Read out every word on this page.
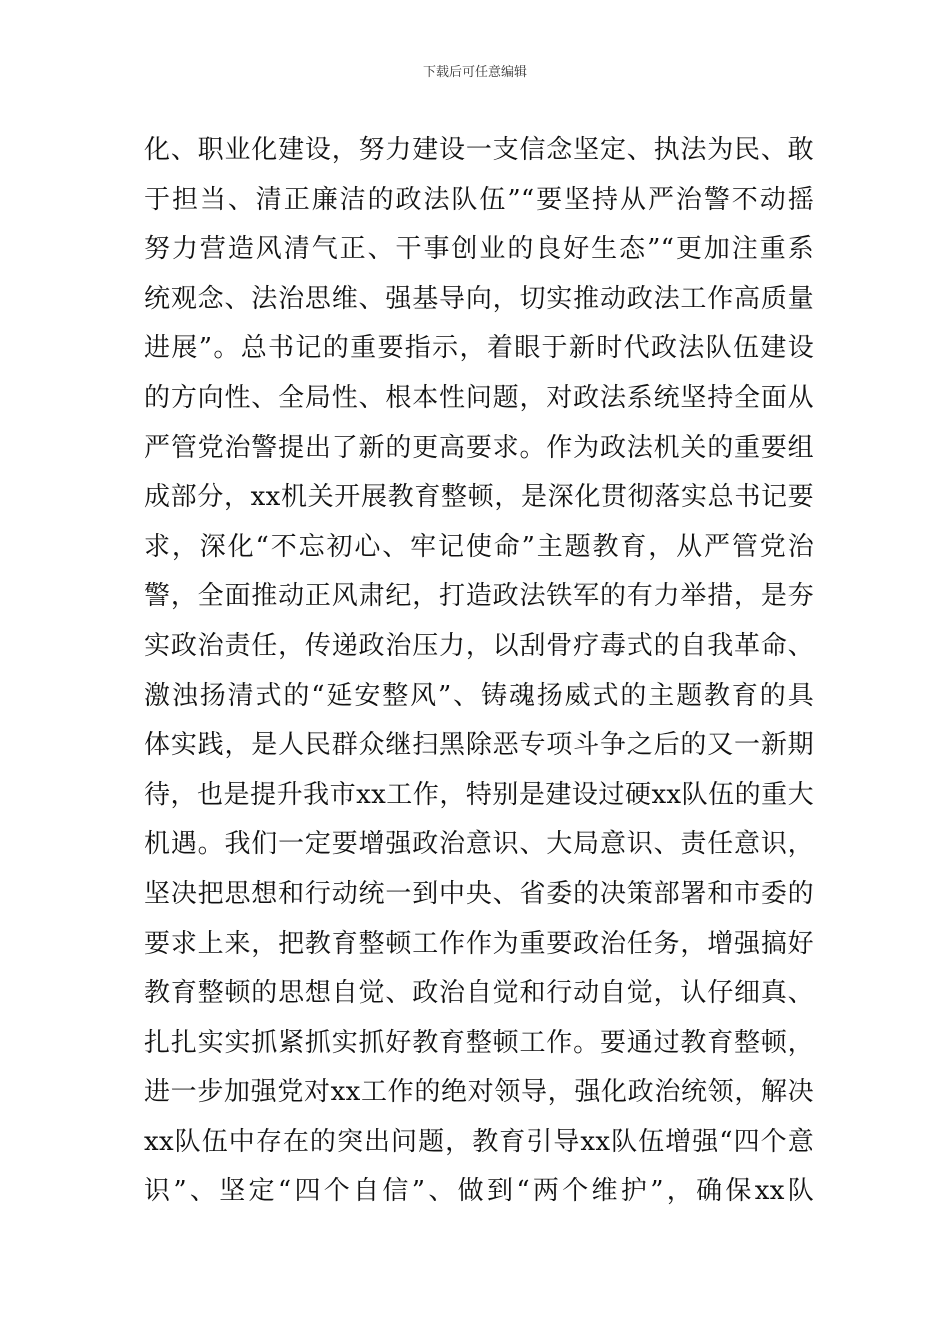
下载后可任意编辑
化、职业化建设，努力建设一支信念坚定、执法为民、敢
于担当、清正廉洁的政法队伍”“要坚持从严治警不动摇
努力营造风清气正、干事创业的良好生态”“更加注重系
统观念、法治思维、强基导向，切实推动政法工作高质量
进展”。总书记的重要指示，着眼于新时代政法队伍建设
的方向性、全局性、根本性问题，对政法系统坚持全面从
严管党治警提出了新的更高要求。作为政法机关的重要组
成部分，xx机关开展教育整顿，是深化贯彻落实总书记要
求，深化“不忘初心、牢记使命”主题教育，从严管党治
警，全面推动正风肃纪，打造政法铁军的有力举措，是夯
实政治责任，传递政治压力，以刮骨疗毒式的自我革命、
激浊扬清式的“延安整风”、铸魂扬威式的主题教育的具
体实践，是人民群众继扫黑除恶专项斗争之后的又一新期
待，也是提升我市xx工作，特别是建设过硬xx队伍的重大
机遇。我们一定要增强政治意识、大局意识、责任意识，
坚决把思想和行动统一到中央、省委的决策部署和市委的
要求上来，把教育整顿工作作为重要政治任务，增强搞好
教育整顿的思想自觉、政治自觉和行动自觉，认仔细真、
扎扎实实抓紧抓实抓好教育整顿工作。要通过教育整顿，
进一步加强党对xx工作的绝对领导，强化政治统领，解决
xx队伍中存在的突出问题，教育引导xx队伍增强“四个意
识”、坚定“四个自信”、做到“两个维护”，确保xx队
